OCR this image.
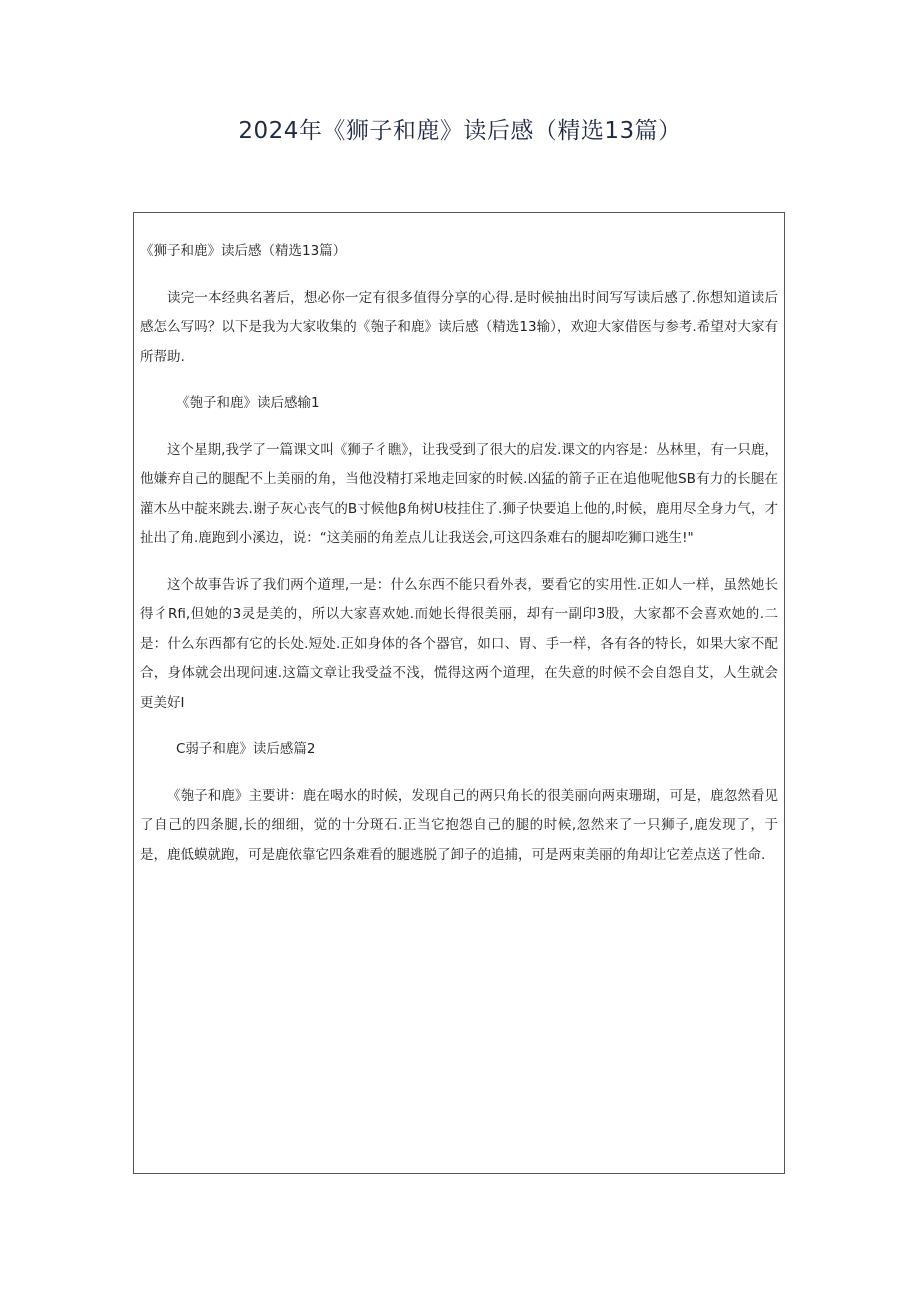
2024年《狮子和鹿》读后感（精选13篇）

《狮子和鹿》读后感（精选13篇）

读完一本经典名著后，想必你一定有很多值得分享的心得.是时候抽出时间写写读后感了.你想知道读后感怎么写吗？以下是我为大家收集的《匏子和鹿》读后感（精选13输），欢迎大家借医与参考.希望对大家有所帮助.

《匏子和鹿》读后感输1

这个星期,我学了一篇课文叫《狮子彳瞧》，让我受到了很大的启发.课文的内容是：丛林里，有一只鹿，他嫌弃自己的腿配不上美丽的角，当他没精打采地走回家的时候.凶猛的箭子正在追他呢他SB有力的长腿在灌木丛中靛来跳去.谢子灰心丧气的B寸候他β角树U枝挂住了.狮子快要追上他的,时候，鹿用尽全身力气，才扯出了角.鹿跑到小溪边，说：“这美丽的角差点儿让我送会,可这四条难右的腿却吃狮口逃生!"

这个故事告诉了我们两个道理,一是：什么东西不能只看外表，要看它的实用性.正如人一样，虽然她长得彳Rfi,但她的3灵是美的，所以大家喜欢她.而她长得很美丽，却有一副印3股，大家都不会喜欢她的.二是：什么东西都有它的长处.短处.正如身体的各个器官，如口、胃、手一样，各有各的特长，如果大家不配合，身体就会出现问速.这篇文章让我受益不浅，慌得这两个道理，在失意的时候不会自怨自艾，人生就会更美好I

C弱子和鹿》读后感篇2

《匏子和鹿》主要讲：鹿在喝水的时候，发现自己的两只角长的很美丽向两束珊瑚，可是，鹿忽然看见了自己的四条腿,长的细细，觉的十分斑石.正当它抱怨自己的腿的时候,忽然来了一只狮子,鹿发现了，于是，鹿低蟆就跑，可是鹿依靠它四条难看的腿逃脱了卸子的追捕，可是两束美丽的角却让它差点送了性命.
